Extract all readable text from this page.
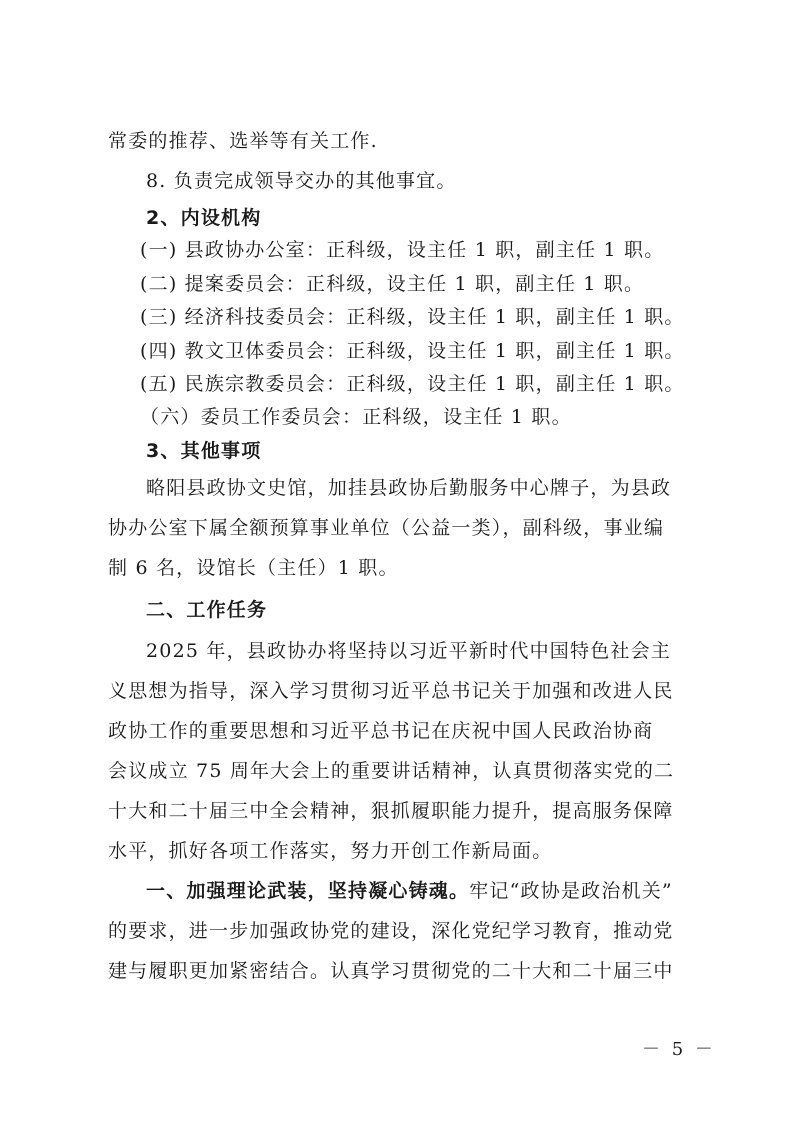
常委的推荐、选举等有关工作.
8. 负责完成领导交办的其他事宜。
2、内设机构
(一) 县政协办公室：正科级，设主任 1 职，副主任 1 职。
(二) 提案委员会：正科级，设主任 1 职，副主任 1 职。
(三) 经济科技委员会：正科级，设主任 1 职，副主任 1 职。
(四) 教文卫体委员会：正科级，设主任 1 职，副主任 1 职。
(五) 民族宗教委员会：正科级，设主任 1 职，副主任 1 职。
（六）委员工作委员会：正科级，设主任 1 职。
3、其他事项
略阳县政协文史馆，加挂县政协后勤服务中心牌子，为县政
协办公室下属全额预算事业单位（公益一类），副科级，事业编
制 6 名，设馆长（主任）1 职。
二、工作任务
2025 年，县政协办将坚持以习近平新时代中国特色社会主
义思想为指导，深入学习贯彻习近平总书记关于加强和改进人民
政协工作的重要思想和习近平总书记在庆祝中国人民政治协商
会议成立 75 周年大会上的重要讲话精神，认真贯彻落实党的二
十大和二十届三中全会精神，狠抓履职能力提升，提高服务保障
水平，抓好各项工作落实，努力开创工作新局面。
一、加强理论武装，坚持凝心铸魂。牢记“政协是政治机关”
的要求，进一步加强政协党的建设，深化党纪学习教育，推动党
建与履职更加紧密结合。认真学习贯彻党的二十大和二十届三中
－ 5 －
